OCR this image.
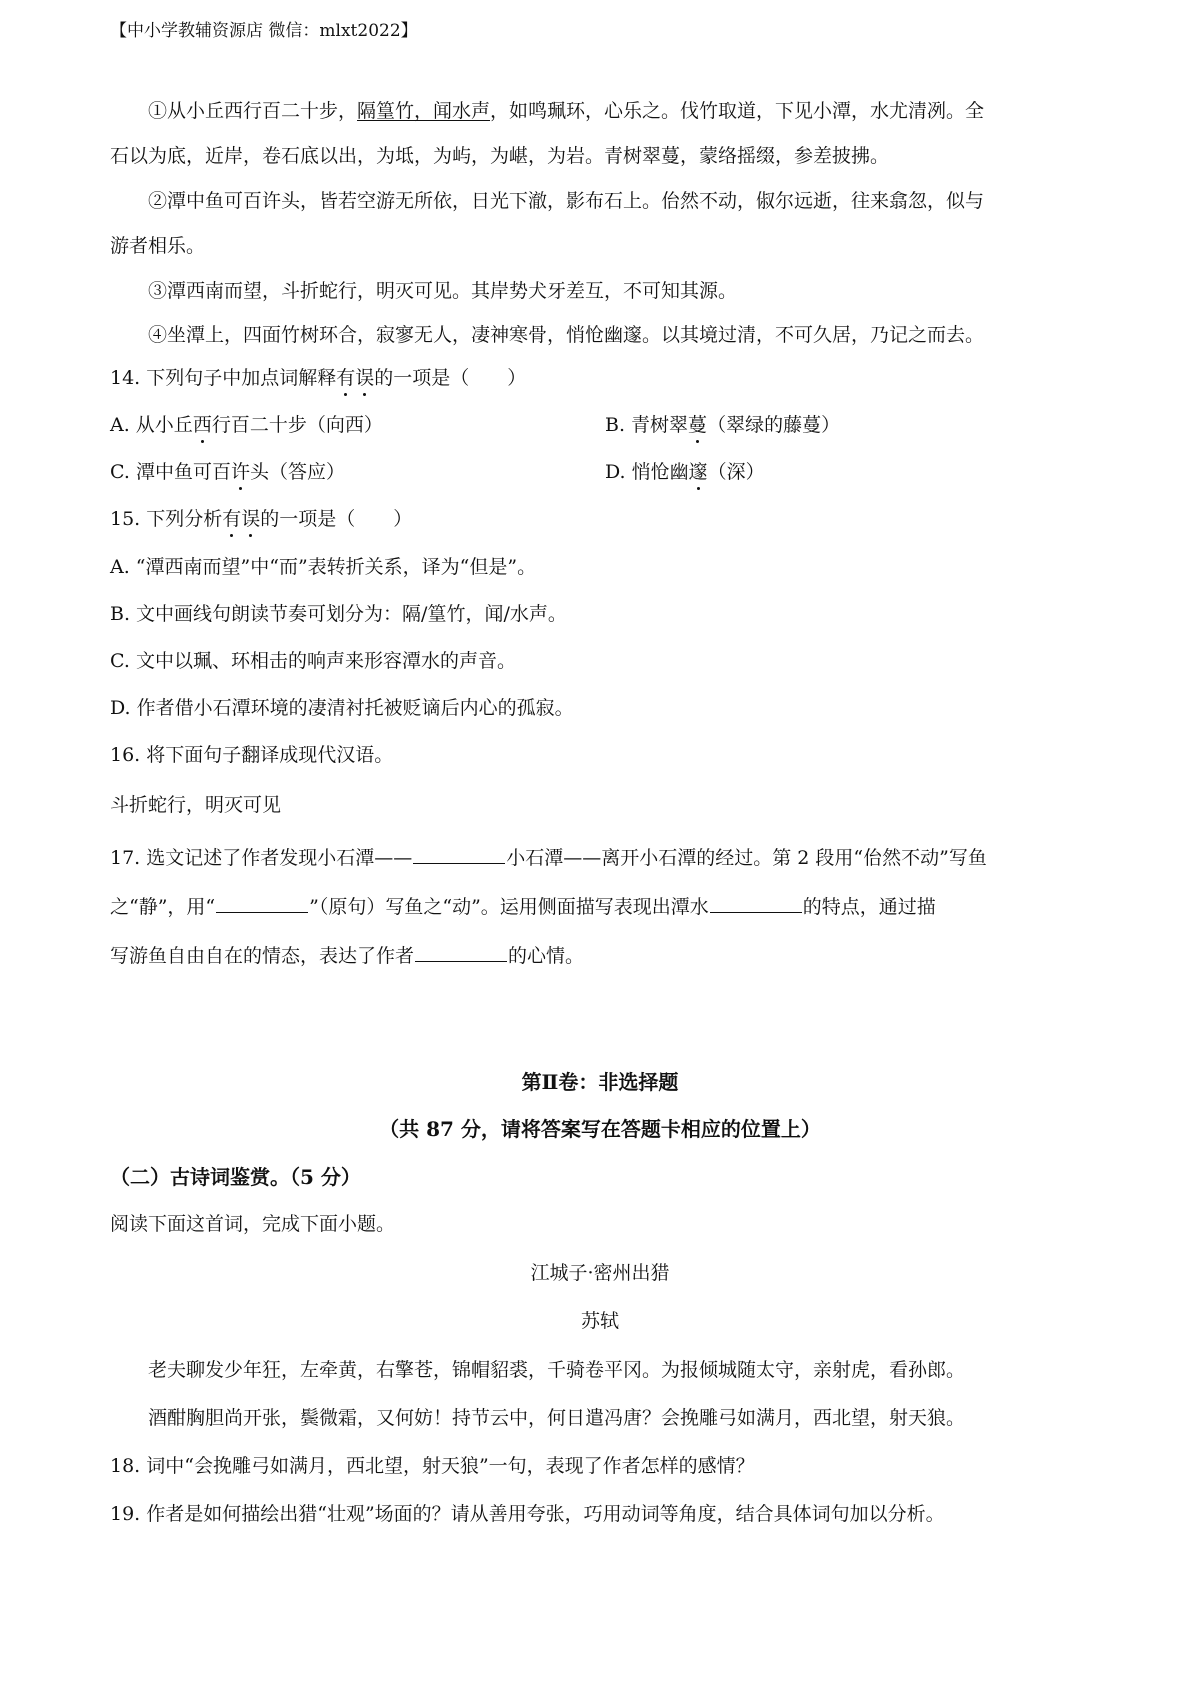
【中小学教辅资源店 微信：mlxt2022】
①从小丘西行百二十步，隔篁竹，闻水声，如鸣珮环，心乐之。伐竹取道，下见小潭，水尤清冽。全
石以为底，近岸，卷石底以出，为坻，为屿，为嵁，为岩。青树翠蔓，蒙络摇缀，参差披拂。
②潭中鱼可百许头，皆若空游无所依，日光下澈，影布石上。佁然不动，俶尔远逝，往来翕忽，似与
游者相乐。
③潭西南而望，斗折蛇行，明灭可见。其岸势犬牙差互，不可知其源。
④坐潭上，四面竹树环合，寂寥无人，凄神寒骨，悄怆幽邃。以其境过清，不可久居，乃记之而去。
14. 下列句子中加点词解释有误的一项是（　　）
A. 从小丘西行百二十步（向西）	B. 青树翠蔓（翠绿的藤蔓）
C. 潭中鱼可百许头（答应）	D. 悄怆幽邃（深）
15. 下列分析有误的一项是（　　）
A. “潭西南而望”中“而”表转折关系，译为“但是”。
B. 文中画线句朗读节奏可划分为：隔/篁竹，闻/水声。
C. 文中以珮、环相击的响声来形容潭水的声音。
D. 作者借小石潭环境的凄清衬托被贬谪后内心的孤寂。
16. 将下面句子翻译成现代汉语。
斗折蛇行，明灭可见
17. 选文记述了作者发现小石潭——	小石潭——离开小石潭的经过。第 2 段用“佁然不动”写鱼
之“静”，用“	”（原句）写鱼之“动”。运用侧面描写表现出潭水	的特点，通过描
写游鱼自由自在的情态，表达了作者	的心情。
第Ⅱ卷：非选择题
（共 87 分，请将答案写在答题卡相应的位置上）
（二）古诗词鉴赏。（5 分）
阅读下面这首词，完成下面小题。
江城子·密州出猎
苏轼
老夫聊发少年狂，左牵黄，右擎苍，锦帽貂裘，千骑卷平冈。为报倾城随太守，亲射虎，看孙郎。
酒酣胸胆尚开张，鬓微霜，又何妨！持节云中，何日遣冯唐？会挽雕弓如满月，西北望，射天狼。
18. 词中“会挽雕弓如满月，西北望，射天狼”一句，表现了作者怎样的感情？
19. 作者是如何描绘出猎“壮观”场面的？请从善用夸张，巧用动词等角度，结合具体词句加以分析。
